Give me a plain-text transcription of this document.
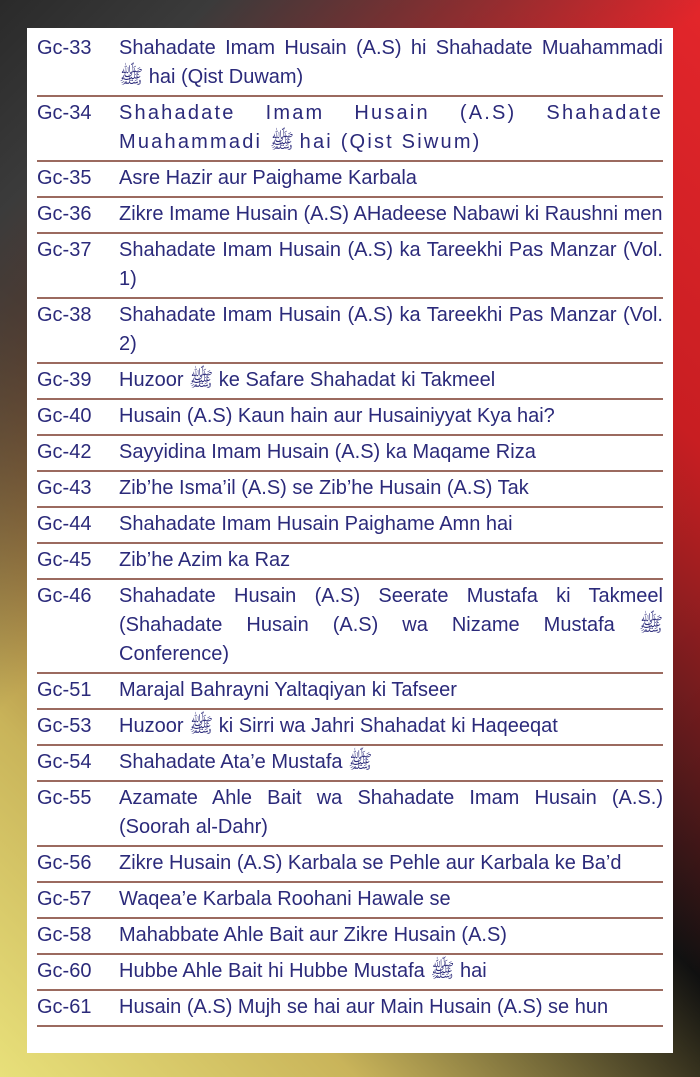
Gc-33	Shahadate Imam Husain (A.S) hi Shahadate Muahammadi ﷺ hai (Qist Duwam)
Gc-34	Shahadate Imam Husain (A.S) Shahadate Muahammadi ﷺ hai (Qist Siwum)
Gc-35	Asre Hazir aur Paighame Karbala
Gc-36	Zikre Imame Husain (A.S) AHadeese Nabawi ki Raushni men
Gc-37	Shahadate Imam Husain (A.S) ka Tareekhi Pas Manzar (Vol. 1)
Gc-38	Shahadate Imam Husain (A.S) ka Tareekhi Pas Manzar (Vol. 2)
Gc-39	Huzoor ﷺ ke Safare Shahadat ki Takmeel
Gc-40	Husain (A.S) Kaun hain aur Husainiyyat Kya hai?
Gc-42	Sayyidina Imam Husain (A.S) ka Maqame Riza
Gc-43	Zib’he Isma’il (A.S) se Zib’he Husain (A.S) Tak
Gc-44	Shahadate Imam Husain Paighame Amn hai
Gc-45	Zib’he Azim ka Raz
Gc-46	Shahadate Husain (A.S) Seerate Mustafa ki Takmeel (Shahadate Husain (A.S) wa Nizame Mustafa ﷺ Conference)
Gc-51	Marajal Bahrayni Yaltaqiyan ki Tafseer
Gc-53	Huzoor ﷺ ki Sirri wa Jahri Shahadat ki Haqeeqat
Gc-54	Shahadate Ata’e Mustafa ﷺ
Gc-55	Azamate Ahle Bait wa Shahadate Imam Husain (A.S.) (Soorah al-Dahr)
Gc-56	Zikre Husain (A.S) Karbala se Pehle aur Karbala ke Ba’d
Gc-57	Waqea’e Karbala Roohani Hawale se
Gc-58	Mahabbate Ahle Bait aur Zikre Husain (A.S)
Gc-60	Hubbe Ahle Bait hi Hubbe Mustafa ﷺ hai
Gc-61	Husain (A.S) Mujh se hai aur Main Husain (A.S) se hun
